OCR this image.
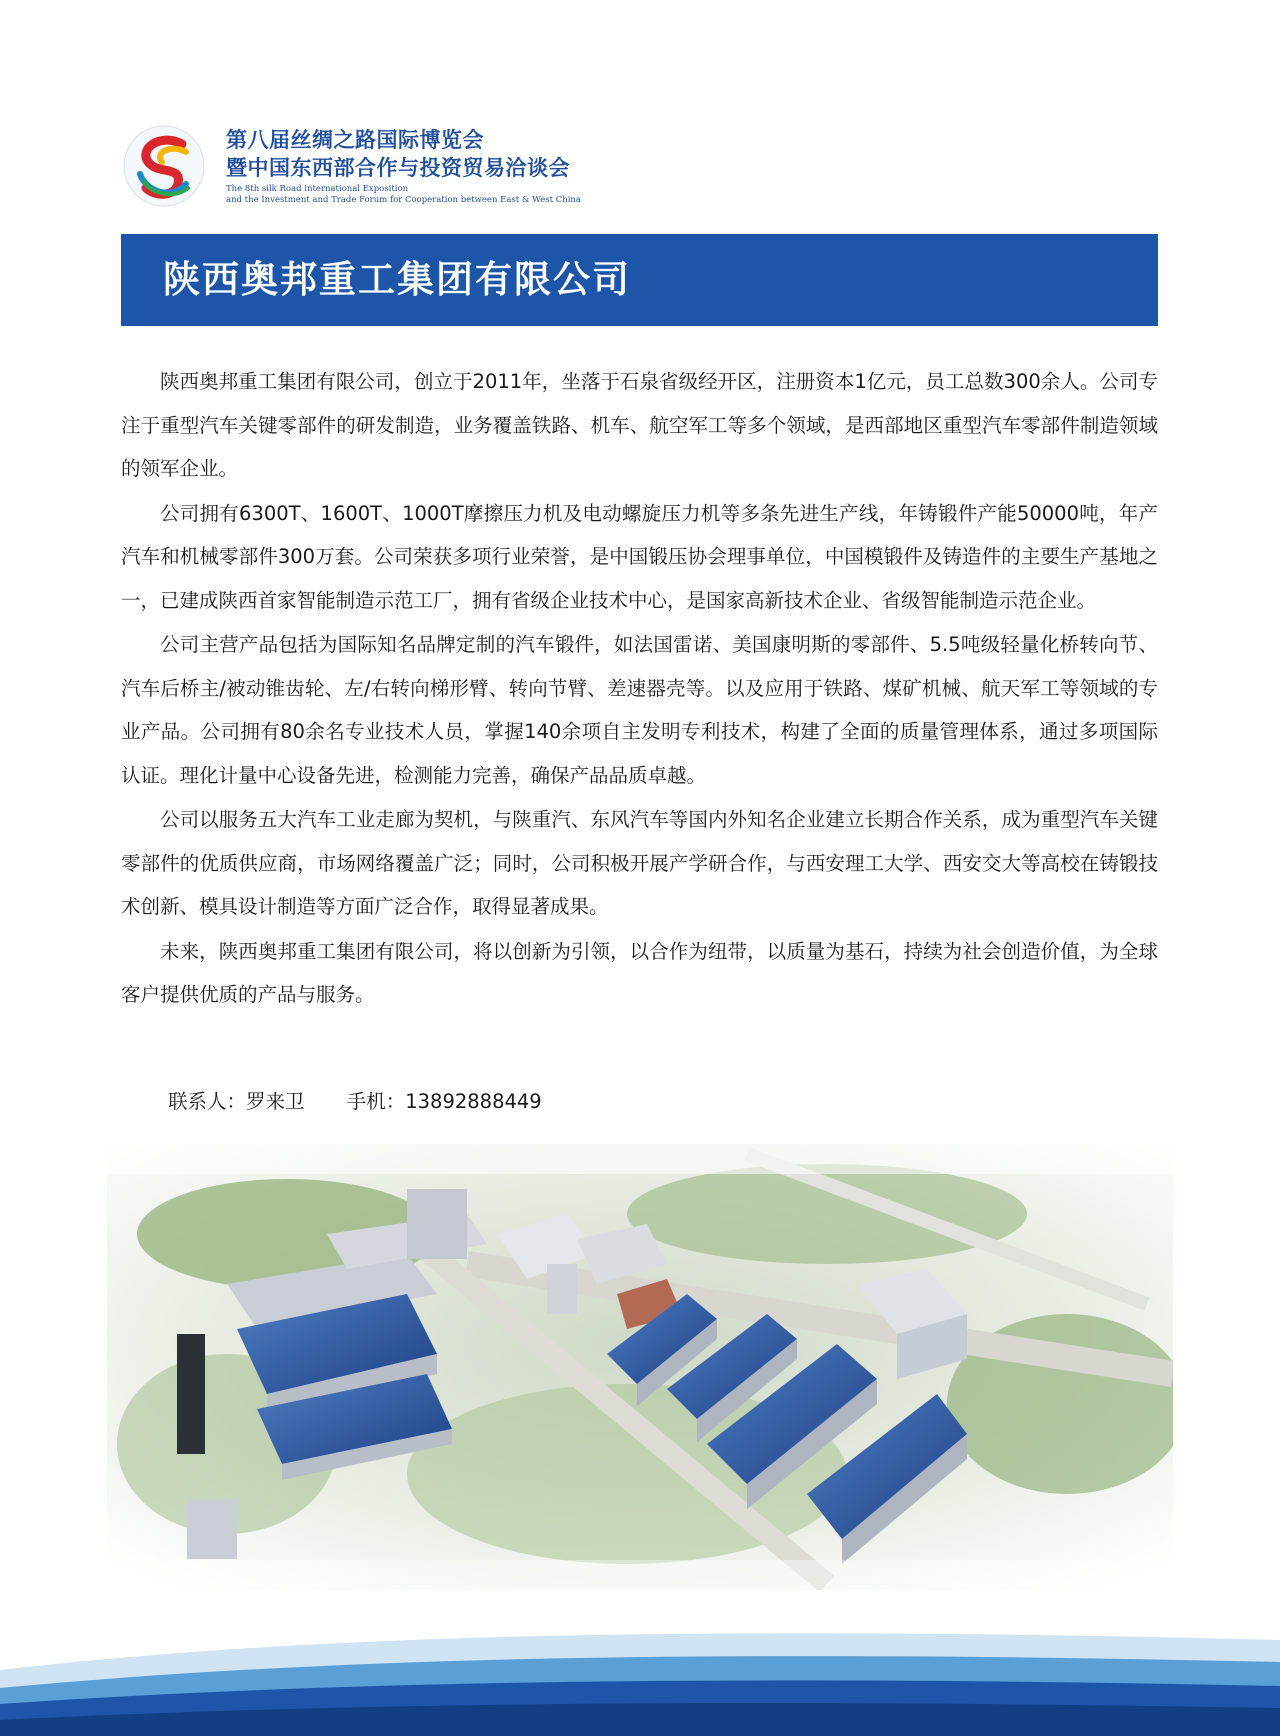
第八届丝绸之路国际博览会
暨中国东西部合作与投资贸易洽谈会
The 8th silk Road international Exposition
and the Investment and Trade Forum for Cooperation between East & West China
陕西奥邦重工集团有限公司

陕西奥邦重工集团有限公司，创立于2011年，坐落于石泉省级经开区，注册资本1亿元，员工总数300余人。公司专注于重型汽车关键零部件的研发制造，业务覆盖铁路、机车、航空军工等多个领域，是西部地区重型汽车零部件制造领域的领军企业。

公司拥有6300T、1600T、1000T摩擦压力机及电动螺旋压力机等多条先进生产线，年铸锻件产能50000吨，年产汽车和机械零部件300万套。公司荣获多项行业荣誉，是中国锻压协会理事单位，中国模锻件及铸造件的主要生产基地之一，已建成陕西首家智能制造示范工厂，拥有省级企业技术中心，是国家高新技术企业、省级智能制造示范企业。

公司主营产品包括为国际知名品牌定制的汽车锻件，如法国雷诺、美国康明斯的零部件、5.5吨级轻量化桥转向节、汽车后桥主/被动锥齿轮、左/右转向梯形臂、转向节臂、差速器壳等。以及应用于铁路、煤矿机械、航天军工等领域的专业产品。公司拥有80余名专业技术人员，掌握140余项自主发明专利技术，构建了全面的质量管理体系，通过多项国际认证。理化计量中心设备先进，检测能力完善，确保产品品质卓越。

公司以服务五大汽车工业走廊为契机，与陕重汽、东风汽车等国内外知名企业建立长期合作关系，成为重型汽车关键零部件的优质供应商，市场网络覆盖广泛；同时，公司积极开展产学研合作，与西安理工大学、西安交大等高校在铸锻技术创新、模具设计制造等方面广泛合作，取得显著成果。

未来，陕西奥邦重工集团有限公司，将以创新为引领，以合作为纽带，以质量为基石，持续为社会创造价值，为全球客户提供优质的产品与服务。

联系人：罗来卫 手机：13892888449
